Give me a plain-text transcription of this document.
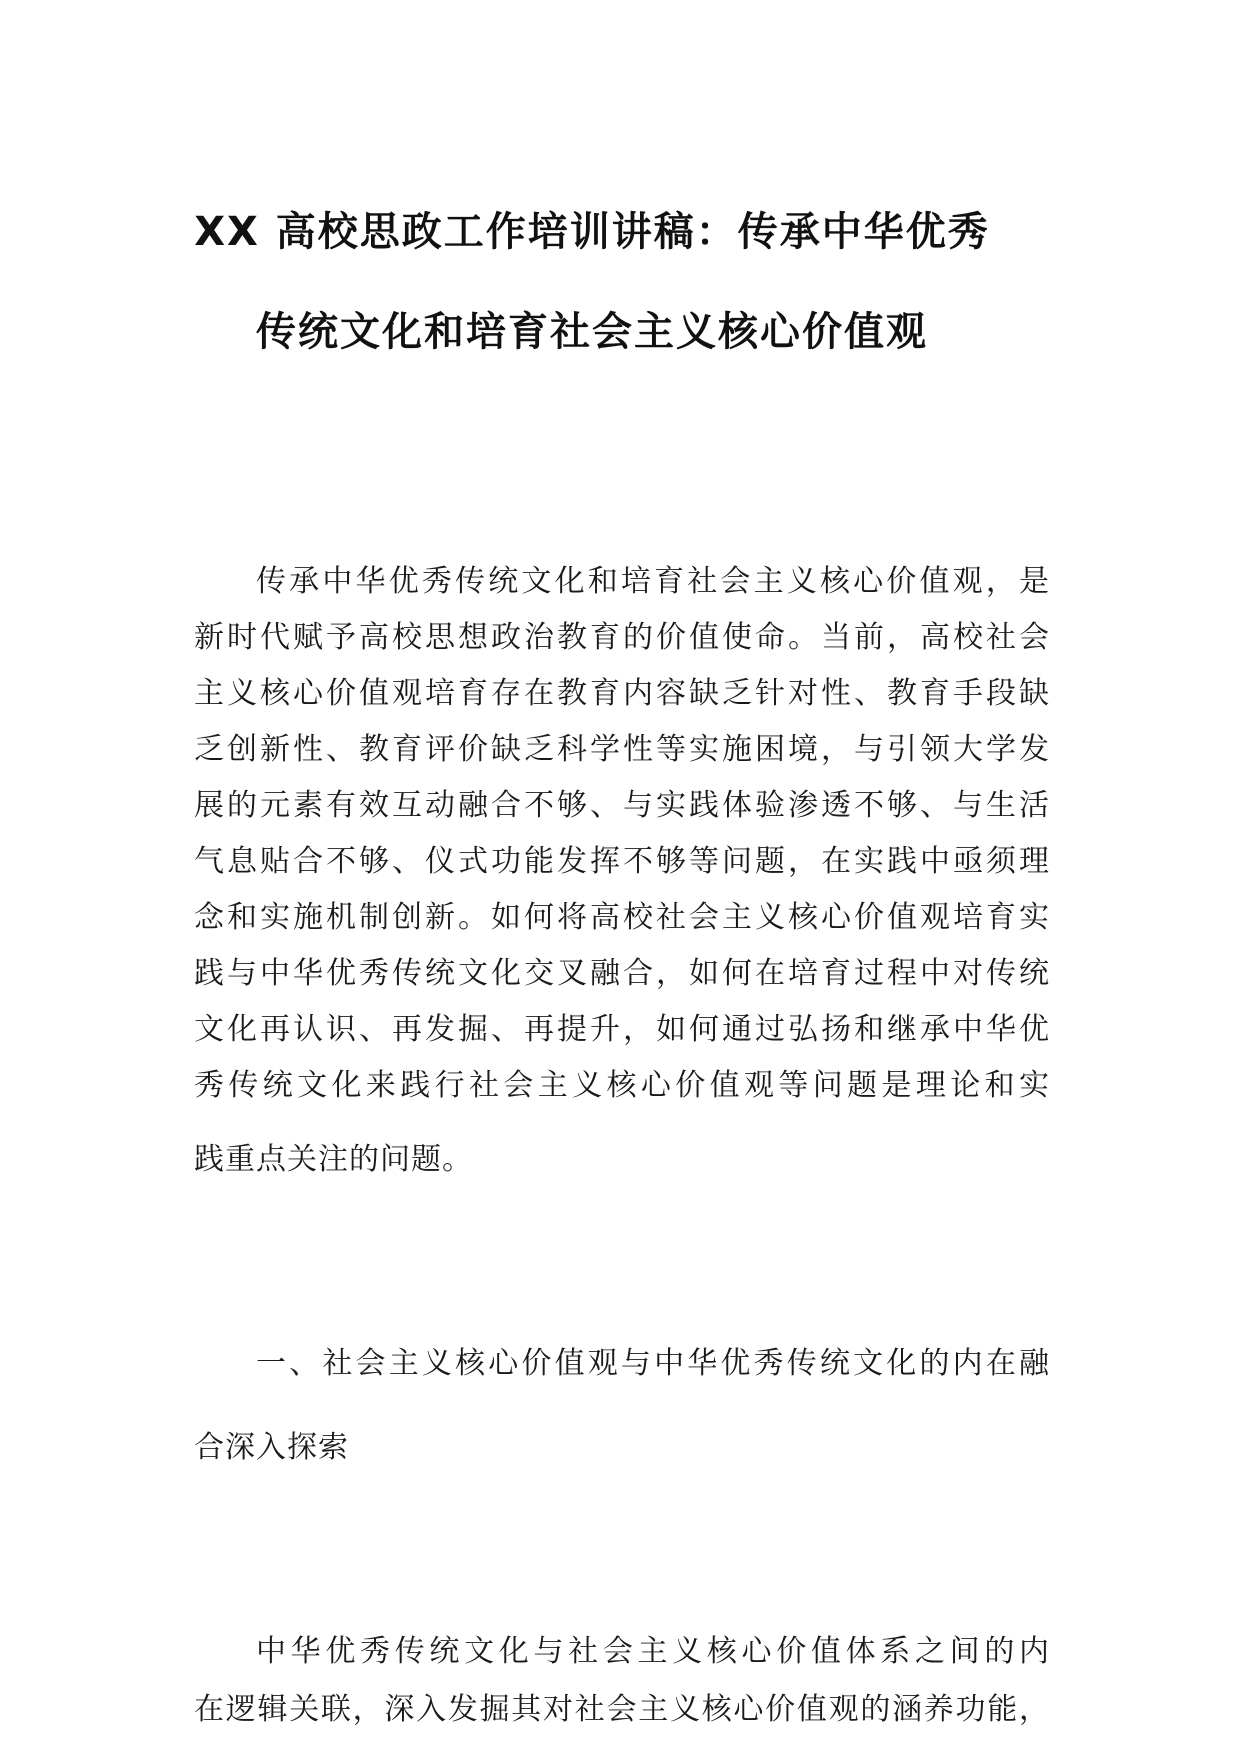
XX 高校思政工作培训讲稿：传承中华优秀
传统文化和培育社会主义核心价值观
传承中华优秀传统文化和培育社会主义核心价值观，是
新时代赋予高校思想政治教育的价值使命。当前，高校社会
主义核心价值观培育存在教育内容缺乏针对性、教育手段缺
乏创新性、教育评价缺乏科学性等实施困境，与引领大学发
展的元素有效互动融合不够、与实践体验渗透不够、与生活
气息贴合不够、仪式功能发挥不够等问题，在实践中亟须理
念和实施机制创新。如何将高校社会主义核心价值观培育实
践与中华优秀传统文化交叉融合，如何在培育过程中对传统
文化再认识、再发掘、再提升，如何通过弘扬和继承中华优
秀传统文化来践行社会主义核心价值观等问题是理论和实
践重点关注的问题。
一、社会主义核心价值观与中华优秀传统文化的内在融
合深入探索
中华优秀传统文化与社会主义核心价值体系之间的内
在逻辑关联，深入发掘其对社会主义核心价值观的涵养功能，
